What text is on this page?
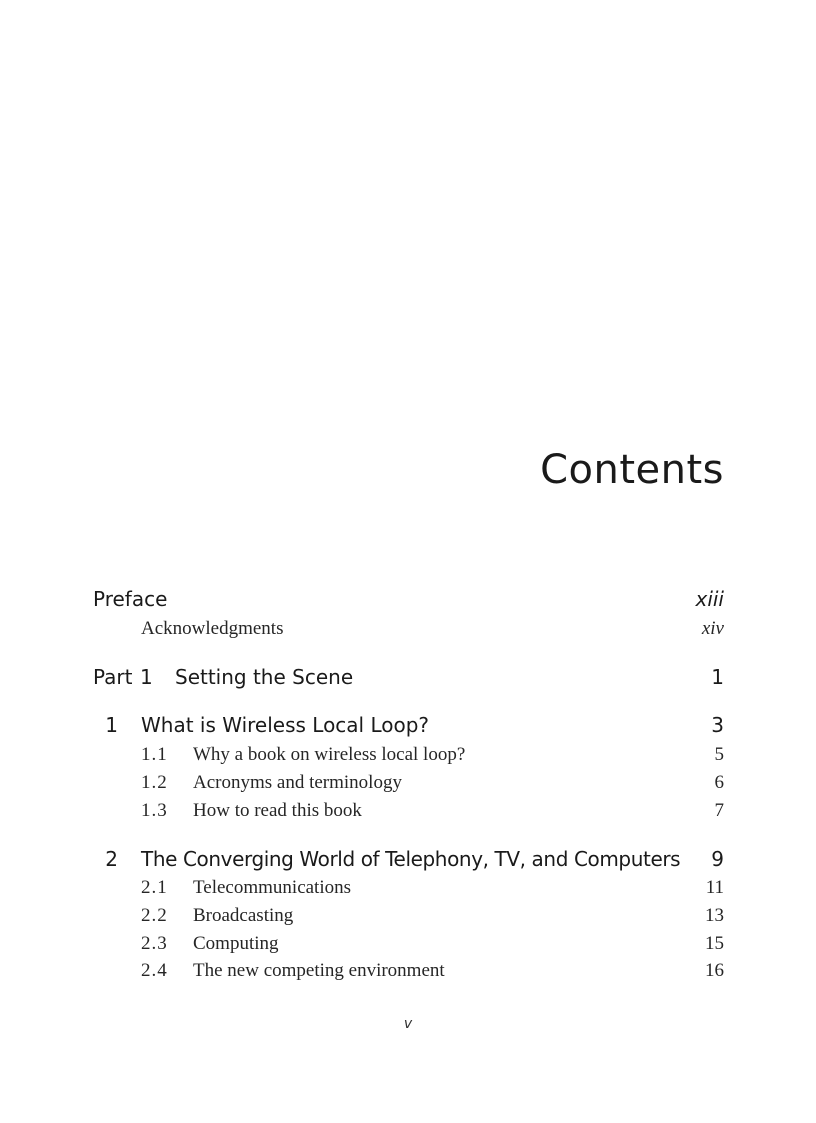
Contents
Preface	xiii
Acknowledgments	xiv
Part 1 Setting the Scene	1
1 What is Wireless Local Loop?	3
1.1 Why a book on wireless local loop?	5
1.2 Acronyms and terminology	6
1.3 How to read this book	7
2 The Converging World of Telephony, TV, and Computers 9
2.1 Telecommunications	11
2.2 Broadcasting	13
2.3 Computing	15
2.4 The new competing environment	16
v
